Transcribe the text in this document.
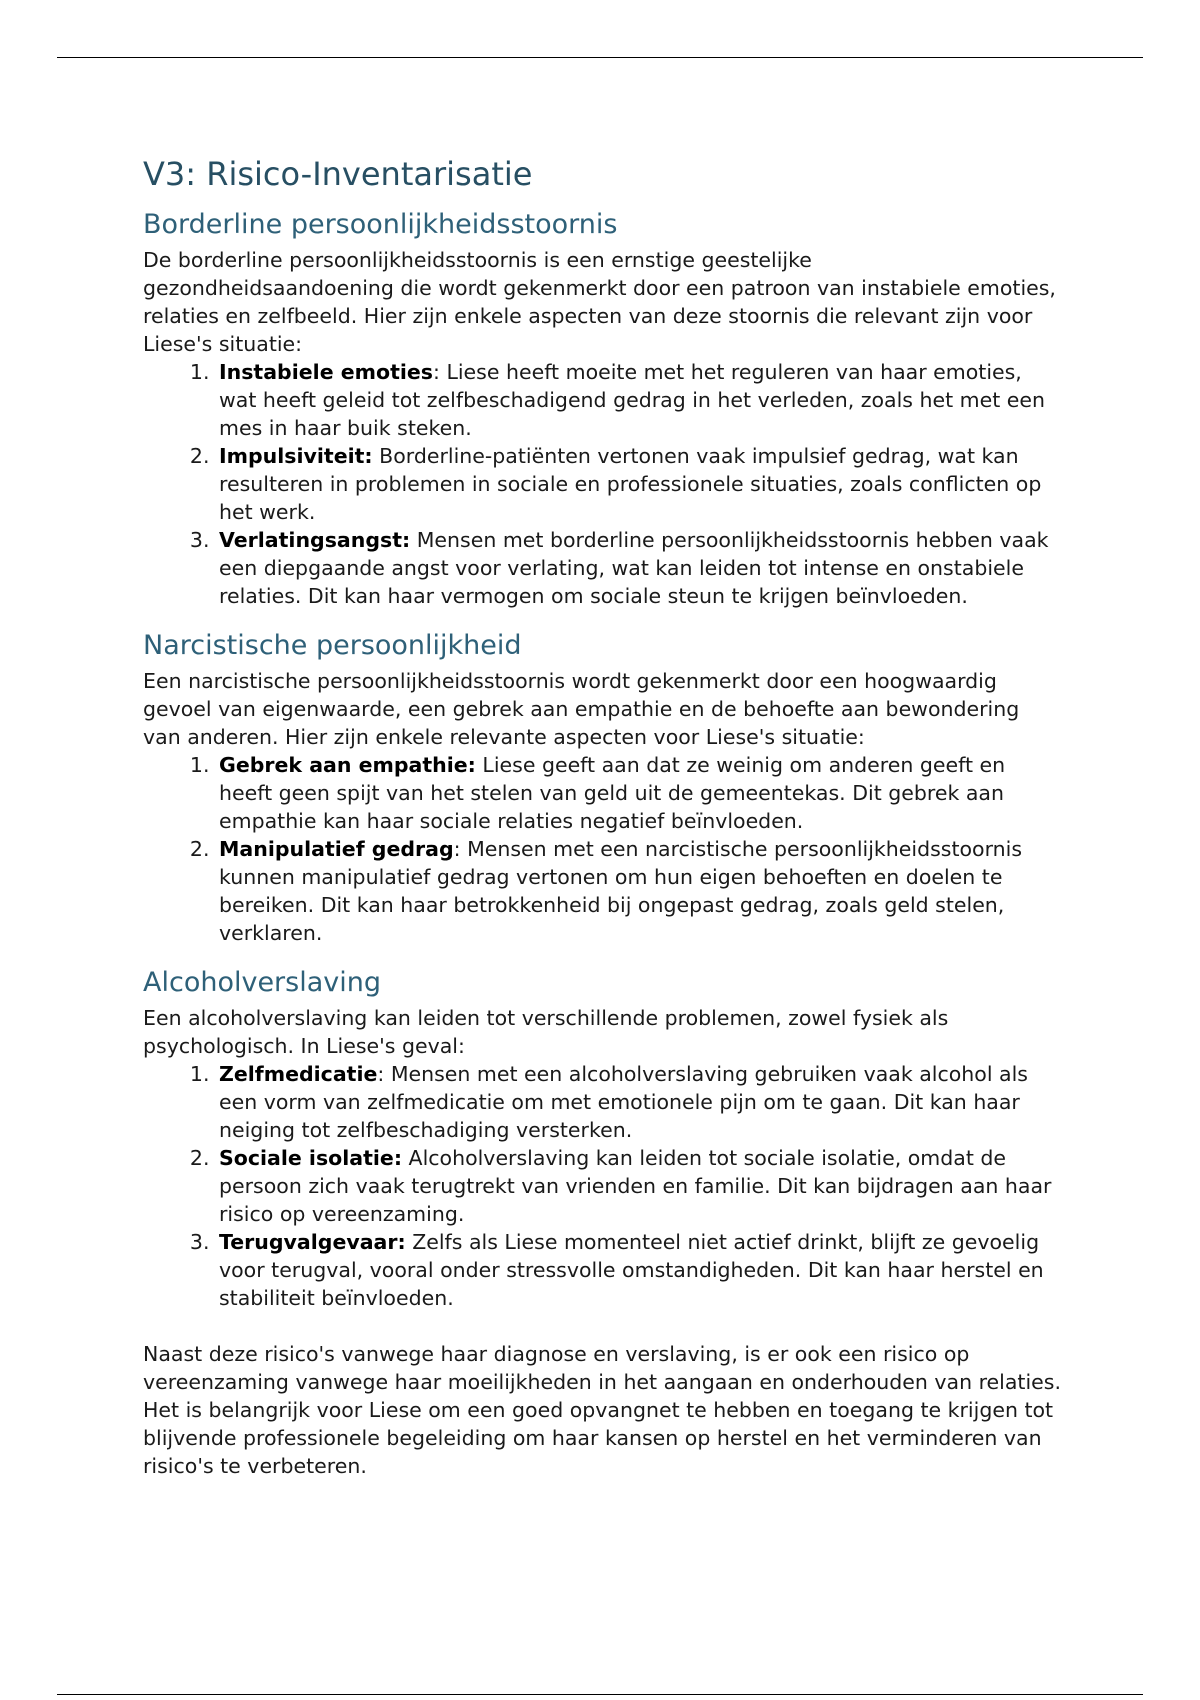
V3: Risico-Inventarisatie
Borderline persoonlijkheidsstoornis

De borderline persoonlijkheidsstoornis is een ernstige geestelijke gezondheidsaandoening die wordt gekenmerkt door een patroon van instabiele emoties, relaties en zelfbeeld. Hier zijn enkele aspecten van deze stoornis die relevant zijn voor Liese's situatie:

1. Instabiele emoties: Liese heeft moeite met het reguleren van haar emoties, wat heeft geleid tot zelfbeschadigend gedrag in het verleden, zoals het met een mes in haar buik steken.
2. Impulsiviteit: Borderline-patiënten vertonen vaak impulsief gedrag, wat kan resulteren in problemen in sociale en professionele situaties, zoals conflicten op het werk.
3. Verlatingsangst: Mensen met borderline persoonlijkheidsstoornis hebben vaak een diepgaande angst voor verlating, wat kan leiden tot intense en onstabiele relaties. Dit kan haar vermogen om sociale steun te krijgen beïnvloeden.
Narcistische persoonlijkheid

Een narcistische persoonlijkheidsstoornis wordt gekenmerkt door een hoogwaardig gevoel van eigenwaarde, een gebrek aan empathie en de behoefte aan bewondering van anderen. Hier zijn enkele relevante aspecten voor Liese's situatie:

1. Gebrek aan empathie: Liese geeft aan dat ze weinig om anderen geeft en heeft geen spijt van het stelen van geld uit de gemeentekas. Dit gebrek aan empathie kan haar sociale relaties negatief beïnvloeden.
2. Manipulatief gedrag: Mensen met een narcistische persoonlijkheidsstoornis kunnen manipulatief gedrag vertonen om hun eigen behoeften en doelen te bereiken. Dit kan haar betrokkenheid bij ongepast gedrag, zoals geld stelen, verklaren.
Alcoholverslaving

Een alcoholverslaving kan leiden tot verschillende problemen, zowel fysiek als psychologisch. In Liese's geval:

1. Zelfmedicatie: Mensen met een alcoholverslaving gebruiken vaak alcohol als een vorm van zelfmedicatie om met emotionele pijn om te gaan. Dit kan haar neiging tot zelfbeschadiging versterken.
2. Sociale isolatie: Alcoholverslaving kan leiden tot sociale isolatie, omdat de persoon zich vaak terugtrekt van vrienden en familie. Dit kan bijdragen aan haar risico op vereenzaming.
3. Terugvalgevaar: Zelfs als Liese momenteel niet actief drinkt, blijft ze gevoelig voor terugval, vooral onder stressvolle omstandigheden. Dit kan haar herstel en stabiliteit beïnvloeden.

Naast deze risico's vanwege haar diagnose en verslaving, is er ook een risico op vereenzaming vanwege haar moeilijkheden in het aangaan en onderhouden van relaties. Het is belangrijk voor Liese om een goed opvangnet te hebben en toegang te krijgen tot blijvende professionele begeleiding om haar kansen op herstel en het verminderen van risico's te verbeteren.
